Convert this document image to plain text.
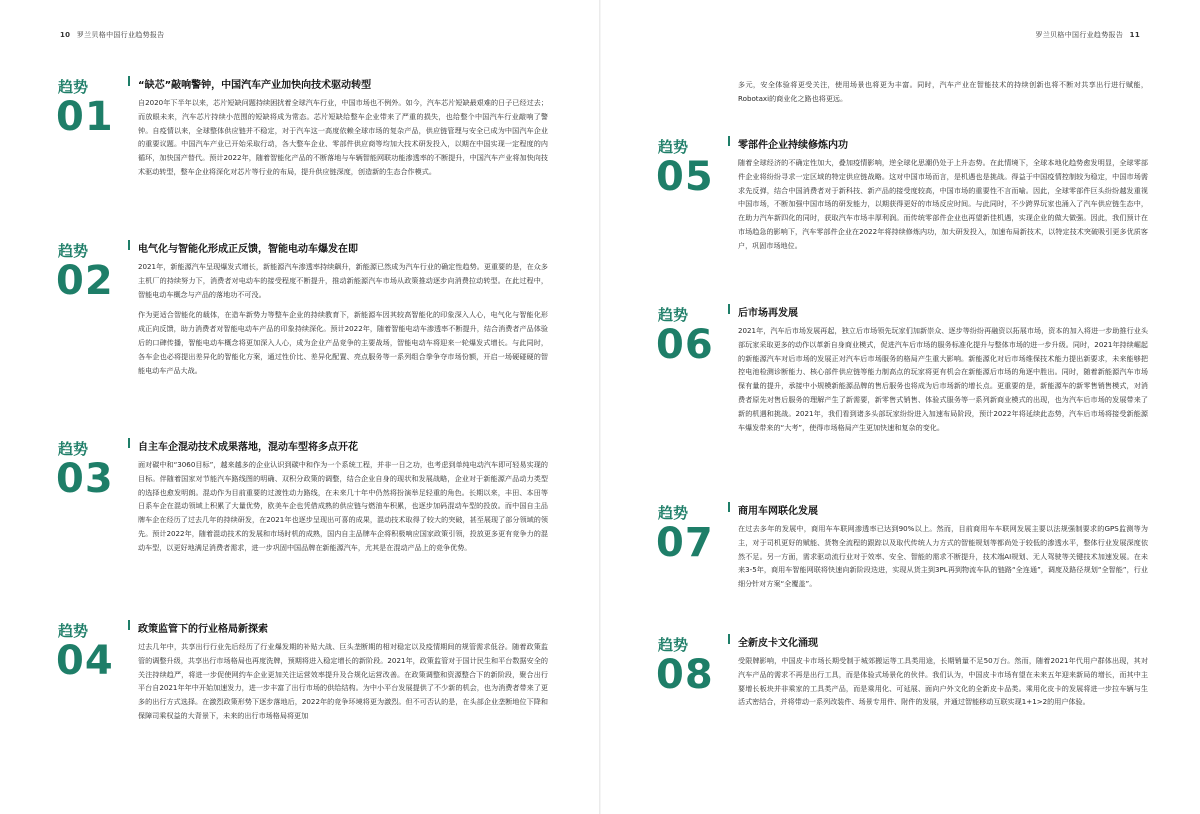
10 罗兰贝格中国行业趋势报告
趋势
01
“缺芯”敲响警钟，中国汽车产业加快向技术驱动转型

自2020年下半年以来，芯片短缺问题持续困扰着全球汽车行业，中国市场也不例外。如今，汽车芯片短缺最艰难的日子已经过去；而放眼未来，汽车芯片持续小范围的短缺将成为常态。芯片短缺给整车企业带来了严重的损失，也给整个中国汽车行业敲响了警钟。自疫情以来，全球整体供应链并不稳定，对于汽车这一高度依赖全球市场的复杂产品，供应链管理与安全已成为中国汽车企业的重要议题。中国汽车产业已开始采取行动，各大整车企业、零部件供应商等均加大技术研发投入，以期在中国实现一定程度的内循环，加快国产替代。预计2022年，随着智能化产品的不断落地与车辆智能网联功能渗透率的不断提升，中国汽车产业将加快向技术驱动转型，整车企业将深化对芯片等行业的布局，提升供应链深度，创造新的生态合作模式。

趋势
02
电气化与智能化形成正反馈，智能电动车爆发在即

2021年，新能源汽车呈现爆发式增长，新能源汽车渗透率持续飙升，新能源已然成为汽车行业的确定性趋势。更重要的是，在众多主机厂的持续努力下，消费者对电动车的接受程度不断提升，推动新能源汽车市场从政策推动逐步向消费拉动转型。在此过程中，智能电动车概念与产品的落地功不可没。

作为更适合智能化的载体，在造车新势力等整车企业的持续教育下，新能源车因其较高智能化的印象深入人心，电气化与智能化形成正向反馈，助力消费者对智能电动车产品的印象持续深化。预计2022年，随着智能电动车渗透率不断提升，结合消费者产品体验后的口碑传播，智能电动车概念将更加深入人心，成为企业产品竞争的主要战场，智能电动车将迎来一轮爆发式增长。与此同时，各车企也必将提出差异化的智能化方案，通过性价比、差异化配置、亮点服务等一系列组合拳争夺市场份额，开启一场硬碰硬的智能电动车产品大战。

趋势
03
自主车企混动技术成果落地，混动车型将多点开花

面对碳中和“3060目标”，越来越多的企业认识到碳中和作为一个系统工程，并非一日之功，也考虑到单纯电动汽车即可轻易实现的目标。伴随着国家对节能汽车路线图的明确、双积分政策的调整，结合企业自身的现状和发展战略，企业对于新能源产品动力类型的选择也愈发明朗。混动作为目前重要的过渡性动力路线，在未来几十年中仍然将扮演举足轻重的角色。长期以来，丰田、本田等日系车企在混动领域上积累了大量优势，欧美车企也凭借成熟的供应链与燃油车积累，也逐步加码混动车型的投放。而中国自主品牌车企在经历了过去几年的持续研发，在2021年也逐步呈现出可喜的成果，混动技术取得了较大的突破，甚至展现了部分领域的领先。预计2022年，随着混动技术的发展和市场时机的成熟，国内自主品牌车企将积极响应国家政策引领，投放更多更有竞争力的混动车型，以更好地满足消费者需求，进一步巩固中国品牌在新能源汽车，尤其是在混动产品上的竞争优势。

趋势
04
政策监管下的行业格局新探索

过去几年中，共享出行行业先后经历了行业爆发期的补贴大战、巨头垄断期的相对稳定以及疫情期间的规管需求低谷。随着政策监管的调整升级，共享出行市场格局也再度洗牌，预期将进入稳定增长的新阶段。2021年，政策监管对于国计民生和平台数据安全的关注持续趋严，将进一步促使网约车企业更加关注运营效率提升及合规化运营改善。在政策调整和资源整合下的新阶段，聚合出行平台自2021年年中开始加速发力，进一步丰富了出行市场的供给结构。为中小平台发展提供了不少新的机会，也为消费者带来了更多的出行方式选择。在激烈政策形势下逐步落地后，2022年的竞争环境将更为激烈。但不可否认的是，在头部企业垄断地位下降和保障司乘权益的大背景下，未来的出行市场格局将更加

罗兰贝格中国行业趋势报告 11
多元，安全体验将更受关注，使用场景也将更为丰富。同时，汽车产业在智能技术的持续创新也将不断对共享出行进行赋能，Robotaxi的商业化之路也将更远。
趋势
05
零部件企业持续修炼内功

随着全球经济的不确定性加大，叠加疫情影响，逆全球化思潮仍处于上升态势。在此情境下，全球本地化趋势愈发明显，全球零部件企业将纷纷寻求一定区域的特定供应链战略。这对中国市场而言，是机遇也是挑战。得益于中国疫情控制较为稳定，中国市场需求先反弹，结合中国消费者对于新科技、新产品的接受度较高，中国市场的重要性不言而喻。因此，全球零部件巨头纷纷越发重视中国市场，不断加强中国市场的研发能力，以期获得更好的市场反应时间。与此同时，不少跨界玩家也涌入了汽车供应链生态中，在助力汽车新四化的同时，获取汽车市场丰厚利润。而传统零部件企业也再望新佳机遇，实现企业的做大做强。因此，我们预计在市场趋急的影响下，汽车零部件企业在2022年将持续修炼内功，加大研发投入，加速布局新技术，以特定技术突破吸引更多优质客户，巩固市场地位。

趋势
06
后市场再发展

2021年，汽车后市场发展再起，独立后市场领先玩家们加新崇众、逐步等纷纷再融资以拓展市场，资本的加入将进一步助推行业头部玩家采取更多的动作以革新自身商业模式，促进汽车后市场的服务标准化提升与整体市场的进一步升级。同时，2021年持续崛起的新能源汽车对后市场的发展正对汽车后市场服务的格局产生重大影响。新能源化对后市场维保技术能力提出新要求，未来能够把控电池检测诊断能力、核心部件供应链等能力制高点的玩家将更有机会在新能源后市场的角逐中胜出。同时，随着新能源汽车市场保有量的提升，承接中小规模新能源品牌的售后服务也将成为后市场新的增长点。更重要的是，新能源车的新零售销售模式，对消费者原先对售后服务的理解产生了新需要，新零售式销售、体验式服务等一系列新商业模式的出现，也为汽车后市场的发展带来了新的机遇和挑战。2021年，我们看到诸多头部玩家纷纷进入加速布局阶段，预计2022年将延续此态势，汽车后市场将接受新能源车爆发带来的“大考”，使得市场格局产生更加快速和复杂的变化。

趋势
07
商用车网联化发展

在过去多年的发展中，商用车车联网渗透率已达到90%以上。然而，目前商用车车联网发展主要以法规强制要求的GPS监测等为主，对于司机更好的赋能、货物全流程的跟踪以及取代传统人力方式的智能规划等都尚处于较低的渗透水平，整体行业发展深度依然不足。另一方面，需求驱动流行业对于效率、安全、智能的需求不断提升，技术端AI规划、无人驾驶等关键技术加速发展。在未来3-5年，商用车智能网联将快速向新阶段迭进，实现从货主到3PL再到物流车队的链路“全连通”，调度及路径规划“全智能”，行业细分针对方案“全覆盖”。

趋势
08
全新皮卡文化涌现

受限牌影响，中国皮卡市场长期受制于城郊搬运等工具类用途，长期销量不足50万台。然而，随着2021年代用户群体出现，其对汽车产品的需求不再是出行工具，而是体验式场景化的伙伴。我们认为，中国皮卡市场有望在未来五年迎来新局的增长，而其中主要增长板块并非乘家的工具类产品，而是乘用化、可延展、面向户外文化的全新皮卡品类。乘用化皮卡的发展将进一步拉车辆与生活式密结合，并将带动一系列改装件、场景专用件、附件的发展，并通过智能移动互联实现1+1>2的用户体验。
